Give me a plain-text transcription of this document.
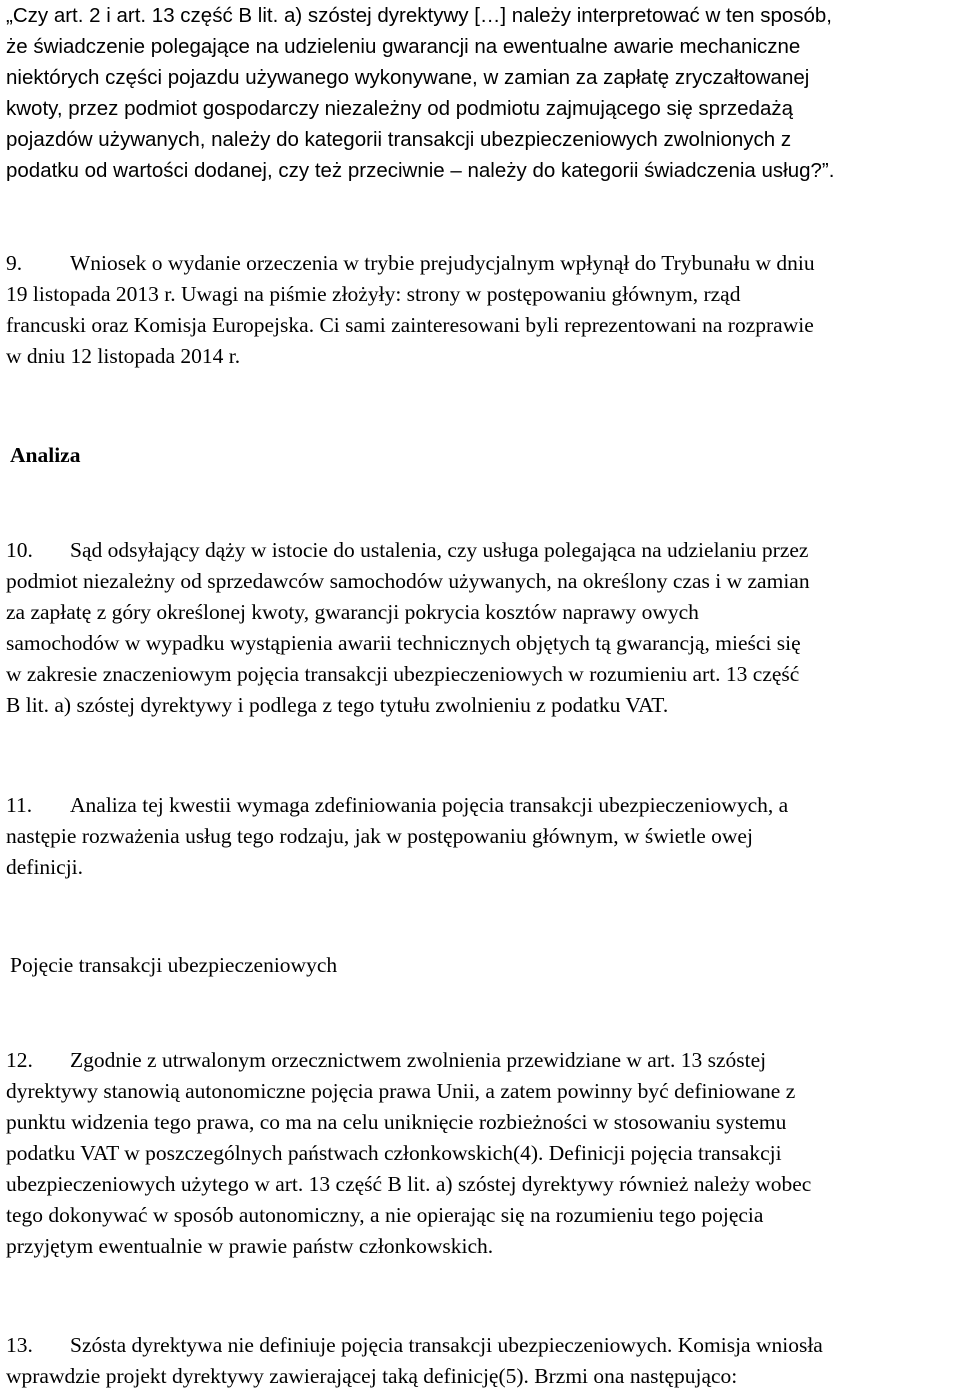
„Czy art. 2 i art. 13 część B lit. a) szóstej dyrektywy […] należy interpretować w ten sposób,
że świadczenie polegające na udzieleniu gwarancji na ewentualne awarie mechaniczne
niektórych części pojazdu używanego wykonywane, w zamian za zapłatę zryczałtowanej
kwoty, przez podmiot gospodarczy niezależny od podmiotu zajmującego się sprzedażą
pojazdów używanych, należy do kategorii transakcji ubezpieczeniowych zwolnionych z
podatku od wartości dodanej, czy też przeciwnie – należy do kategorii świadczenia usług?”.
9. Wniosek o wydanie orzeczenia w trybie prejudycjalnym wpłynął do Trybunału w dniu
19 listopada 2013 r. Uwagi na piśmie złożyły: strony w postępowaniu głównym, rząd
francuski oraz Komisja Europejska. Ci sami zainteresowani byli reprezentowani na rozprawie
w dniu 12 listopada 2014 r.
Analiza
10. Sąd odsyłający dąży w istocie do ustalenia, czy usługa polegająca na udzielaniu przez
podmiot niezależny od sprzedawców samochodów używanych, na określony czas i w zamian
za zapłatę z góry określonej kwoty, gwarancji pokrycia kosztów naprawy owych
samochodów w wypadku wystąpienia awarii technicznych objętych tą gwarancją, mieści się
w zakresie znaczeniowym pojęcia transakcji ubezpieczeniowych w rozumieniu art. 13 część
B lit. a) szóstej dyrektywy i podlega z tego tytułu zwolnieniu z podatku VAT.
11. Analiza tej kwestii wymaga zdefiniowania pojęcia transakcji ubezpieczeniowych, a
następie rozważenia usług tego rodzaju, jak w postępowaniu głównym, w świetle owej
definicji.
Pojęcie transakcji ubezpieczeniowych
12. Zgodnie z utrwalonym orzecznictwem zwolnienia przewidziane w art. 13 szóstej
dyrektywy stanowią autonomiczne pojęcia prawa Unii, a zatem powinny być definiowane z
punktu widzenia tego prawa, co ma na celu uniknięcie rozbieżności w stosowaniu systemu
podatku VAT w poszczególnych państwach członkowskich(4). Definicji pojęcia transakcji
ubezpieczeniowych użytego w art. 13 część B lit. a) szóstej dyrektywy również należy wobec
tego dokonywać w sposób autonomiczny, a nie opierając się na rozumieniu tego pojęcia
przyjętym ewentualnie w prawie państw członkowskich.
13. Szósta dyrektywa nie definiuje pojęcia transakcji ubezpieczeniowych. Komisja wniosła
wprawdzie projekt dyrektywy zawierającej taką definicję(5). Brzmi ona następująco:
